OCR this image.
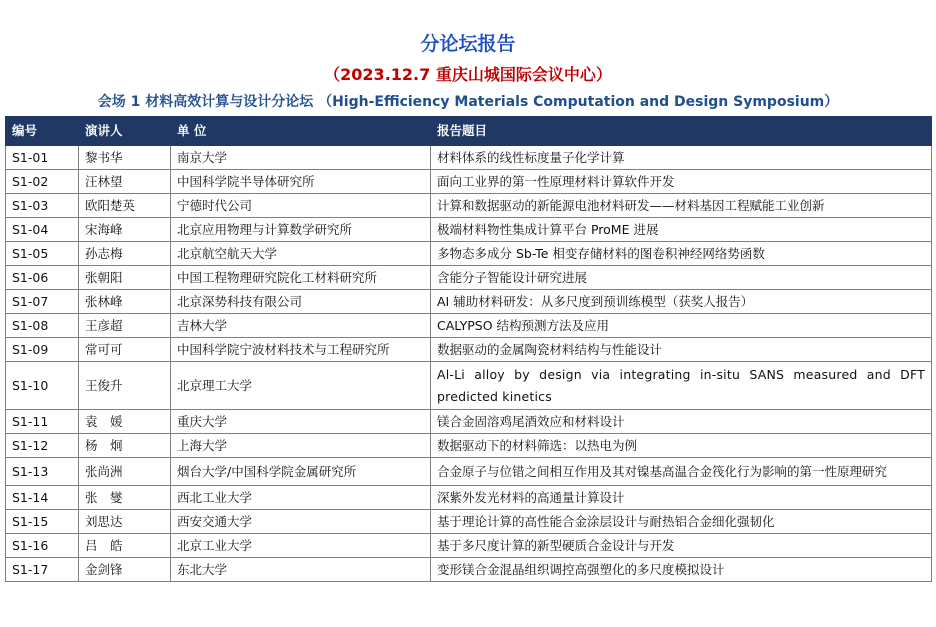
分论坛报告
（2023.12.7 重庆山城国际会议中心）
会场 1 材料高效计算与设计分论坛 （High-Efficiency Materials Computation and Design Symposium）
编号	演讲人	单 位	报告题目
S1-01	黎书华	南京大学	材料体系的线性标度量子化学计算
S1-02	汪林望	中国科学院半导体研究所	面向工业界的第一性原理材料计算软件开发
S1-03	欧阳楚英	宁德时代公司	计算和数据驱动的新能源电池材料研发——材料基因工程赋能工业创新
S1-04	宋海峰	北京应用物理与计算数学研究所	极端材料物性集成计算平台 ProME 进展
S1-05	孙志梅	北京航空航天大学	多物态多成分 Sb-Te 相变存储材料的图卷积神经网络势函数
S1-06	张朝阳	中国工程物理研究院化工材料研究所	含能分子智能设计研究进展
S1-07	张林峰	北京深势科技有限公司	AI 辅助材料研发：从多尺度到预训练模型（获奖人报告）
S1-08	王彦超	吉林大学	CALYPSO 结构预测方法及应用
S1-09	常可可	中国科学院宁波材料技术与工程研究所	数据驱动的金属陶瓷材料结构与性能设计
S1-10	王俊升	北京理工大学	Al-Li alloy by design via integrating in-situ SANS measured and DFT predicted kinetics
S1-11	袁　媛	重庆大学	镁合金固溶鸡尾酒效应和材料设计
S1-12	杨　炯	上海大学	数据驱动下的材料筛选：以热电为例
S1-13	张尚洲	烟台大学/中国科学院金属研究所	合金原子与位错之间相互作用及其对镍基高温合金筏化行为影响的第一性原理研究
S1-14	张　燮	西北工业大学	深紫外发光材料的高通量计算设计
S1-15	刘思达	西安交通大学	基于理论计算的高性能合金涂层设计与耐热铝合金细化强韧化
S1-16	吕　皓	北京工业大学	基于多尺度计算的新型硬质合金设计与开发
S1-17	金剑锋	东北大学	变形镁合金混晶组织调控高强塑化的多尺度模拟设计
